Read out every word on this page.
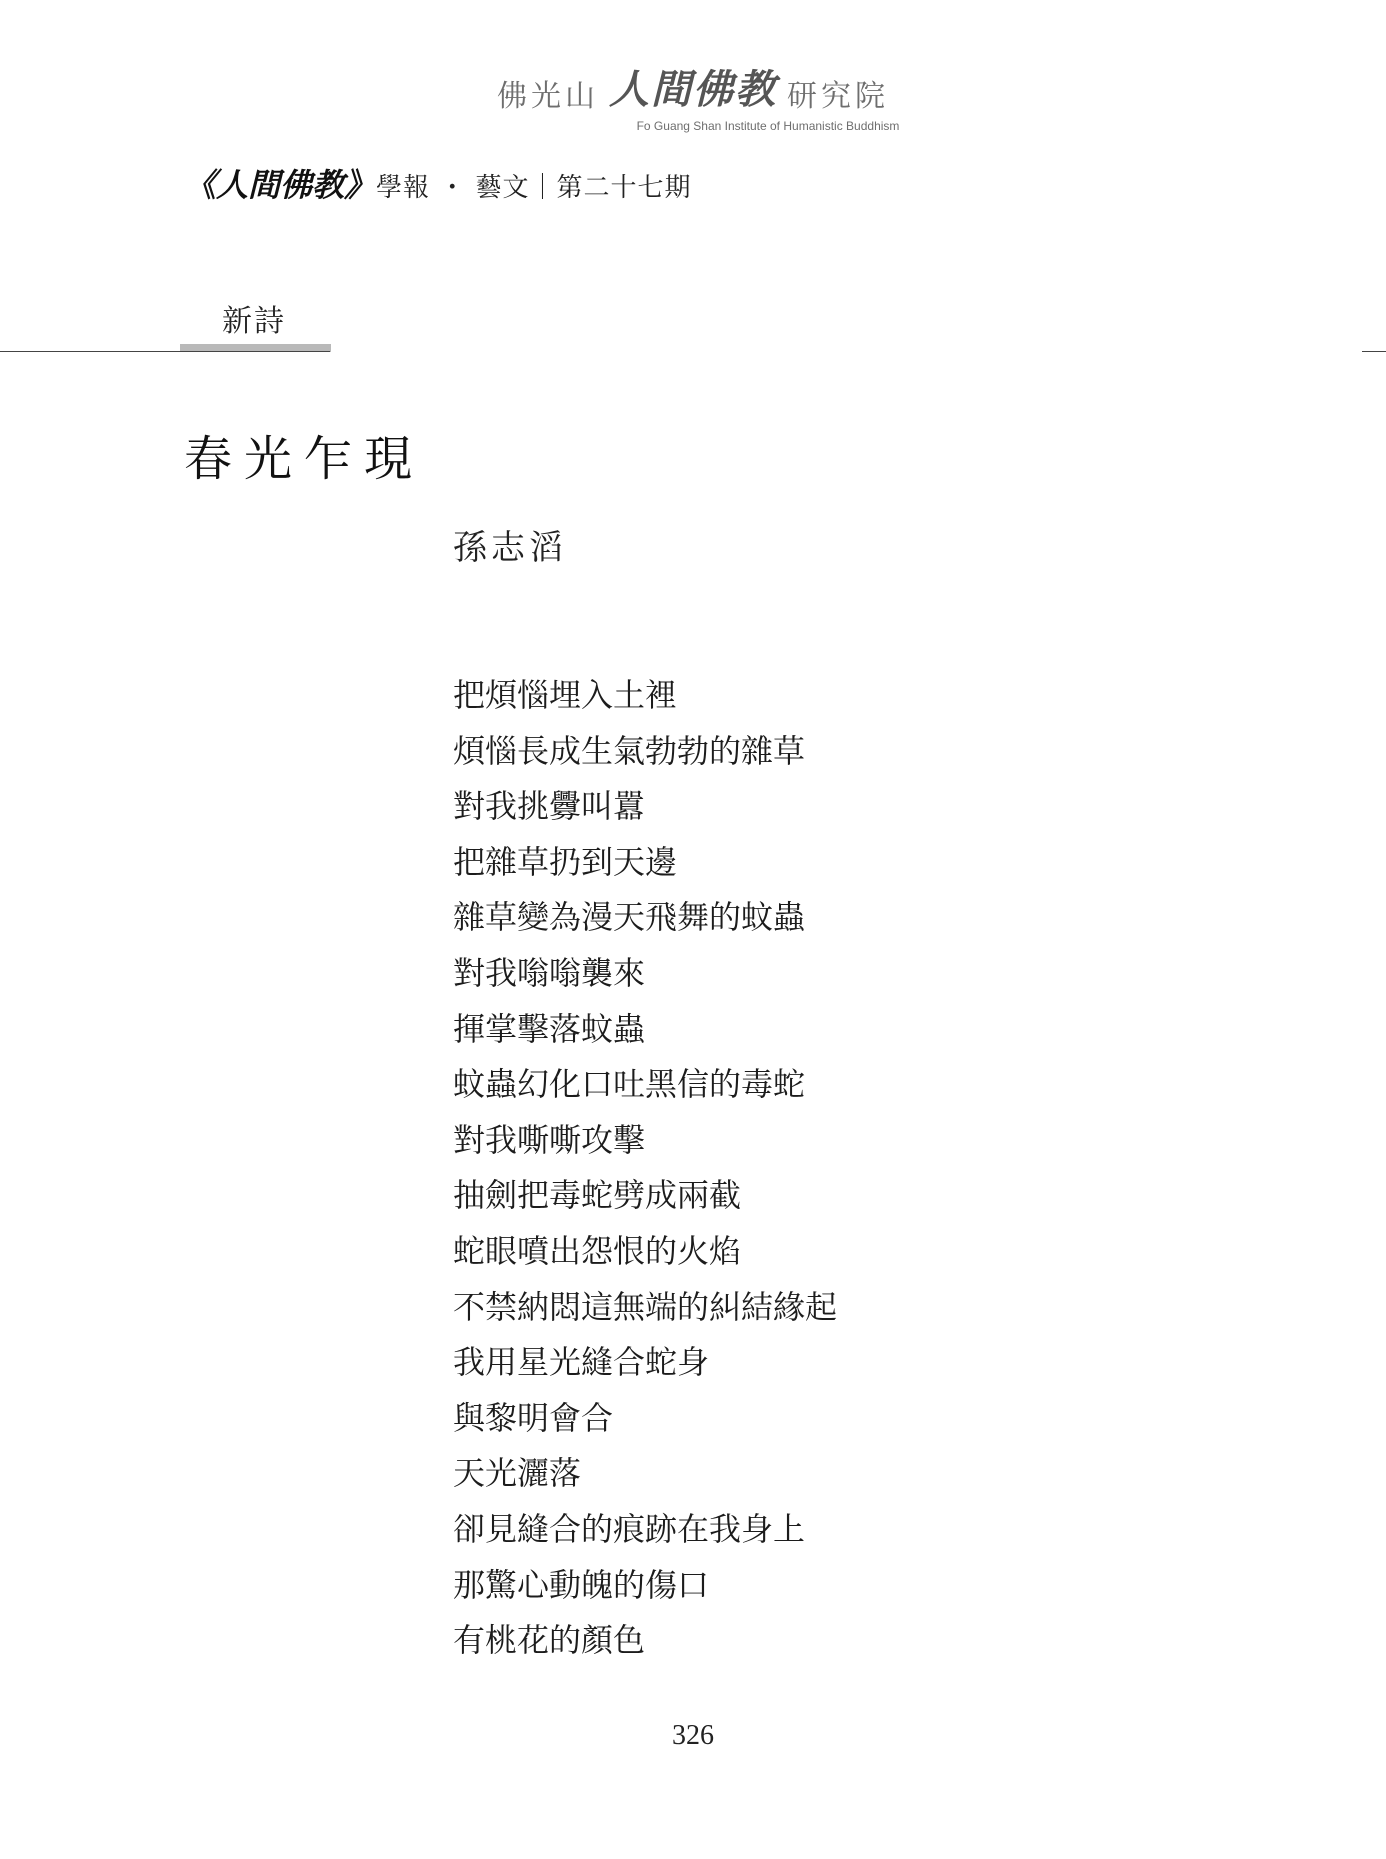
佛光山 人間佛教 研究院
Fo Guang Shan Institute of Humanistic Buddhism
《人間佛教》 學報 ・ 藝文｜第二十七期
新詩
春光乍現
孫志滔
把煩惱埋入土裡
煩惱長成生氣勃勃的雜草
對我挑釁叫囂
把雜草扔到天邊
雜草變為漫天飛舞的蚊蟲
對我嗡嗡襲來
揮掌擊落蚊蟲
蚊蟲幻化口吐黑信的毒蛇
對我嘶嘶攻擊
抽劍把毒蛇劈成兩截
蛇眼噴出怨恨的火焰
不禁納悶這無端的糾結緣起
我用星光縫合蛇身
與黎明會合
天光灑落
卻見縫合的痕跡在我身上
那驚心動魄的傷口
有桃花的顏色
326
